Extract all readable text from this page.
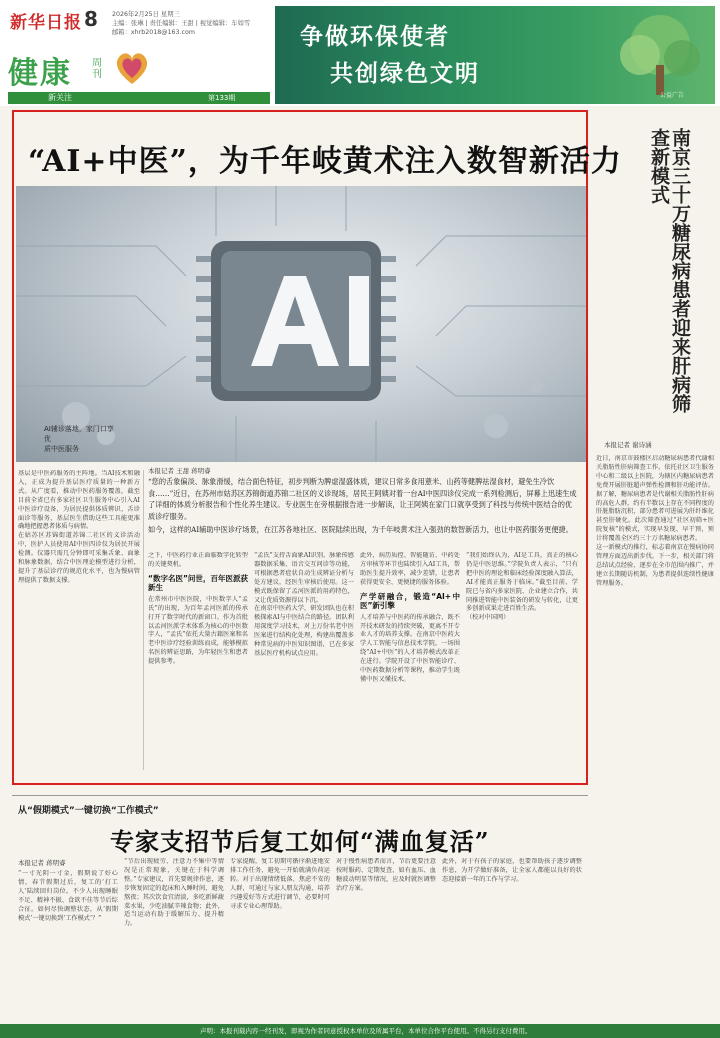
新华日报 8 2026年2月25日 星期三
主编：张琳 | 责任编辑：王甜 | 视觉编辑：车如雪
邮箱：xhrb2018@163.com
健康 周刊
新关注	第133期
争做环保使者
共创绿色文明
公益广告
“AI+中医”，为千年岐黄术注入数智新活力
AI辅诊落地，家门口享优
质中医服务
本报记者 王甜 蒋明睿
“您的舌象偏淡、脉象滑缓，结合面色特征，初步判断为脾虚湿盛体质，建议日常多食用薏米、山药等健脾祛湿食材，避免生冷饮食……”近日，在苏州市姑苏区苏锦街道苏锦二社区的义诊现场，居民王阿姨对着一台AI中医四诊仪完成一系列检测后，屏幕上迅速生成了详细的体质分析报告和个性化养生建议。专业医生在旁根据报告进一步解读，让王阿姨在家门口就享受到了科技与传统中医结合的优质诊疗服务。
如今，这样的AI辅助中医诊疗场景，在江苏各地社区、医院陆续出现，为千年岐黄术注入强劲的数智新活力，也让中医药服务更便捷。
基层是中医药服务的主阵地。当AI技术和融入，正成为提升基层医疗质量的一种新方式。从广度看，推动中医药服务覆盖，截至目前全省已有多家社区卫生服务中心引入AI中医诊疗设备，为居民提供体质辨识、舌诊面诊等服务，基层医生借助这些工具能更准确地把握患者体质与病情。
在姑苏区苏锦街道苏锦二社区的义诊活动中，医护人员使用AI中医四诊仪为居民开展检测。仪器只需几分钟即可采集舌象、面象和脉象数据，结合中医理论模型进行分析，提升了基层诊疗的规范化水平，也为慢病管理提供了数据支撑。
之下，中医药行业正面临数字化转型的关键契机。
“数字名医”问世，百年医派获新生
在常州市中医医院，中医数字人“孟氏”的出现，为百年孟河医派的传承打开了数字时代的新窗口。作为首批以孟河医派学术体系为核心的中医数字人，“孟氏”依托大量古籍医案和名老中医诊疗经验训练而成，能够模拟名医的辨证思路，为年轻医生和患者提供参考。
“孟氏”支持舌面象AI识别、脉象传感器数据采集、语音交互问诊等功能，可根据患者症状自动生成辨证分析与处方建议，经医生审核后使用。这一模式既保留了孟河医派的用药特色，又让优质资源得以下沉。
在南京中医药大学，研发团队也在积极探索AI与中医结合的路径。团队利用深度学习技术，对上万份名老中医医案进行结构化处理，构建出覆盖多种常见病的中医知识图谱，已在多家基层医疗机构试点应用。
此外，病历质控、智能随访、中药处方审核等环节也陆续引入AI工具，帮助医生提升效率，减少差错，让患者获得更安全、更便捷的服务体验。
产学研融合，锻造“AI+中医”新引擎
人才培养与中医药的传承融合，既不开技术研发的持续突破，更离不开专业人才的培养支撑。在南京中医药大学人工智能与信息技术学院，一场围绕“AI+中医”的人才培养模式改革正在进行。学院开设了中医智能诊疗、中医药数据分析等课程，推动学生既懂中医又懂技术。
“我们始终认为，AI是工具，真正的核心仍是中医思维。”学院负责人表示，“只有把中医的理论和临床经验深度融入算法，AI才能真正服务于临床。”截至目前，学院已与省内多家医院、企业建立合作，共同推进智能中医装备的研发与转化，让更多创新成果走进百姓生活。
（校对中国网）
南京三十万糖尿病患者迎来肝病筛查新模式
本报记者 谢诗涵
近日，南京市鼓楼区启动糖尿病患者代谢相关脂肪性肝病筛查工作，依托社区卫生服务中心和二级以上医院，为辖区内糖尿病患者免费开展肝脏超声弹性检测和肝功能评估。据了解，糖尿病患者是代谢相关脂肪性肝病的高危人群，约有半数以上存在不同程度的肝脏脂肪沉积，部分患者可进展为肝纤维化甚至肝硬化。此次筛查通过“社区初筛+医院复核”的模式，实现早发现、早干预，预计将覆盖全区约三十万名糖尿病患者。
这一新模式的推行，标志着南京在慢病协同管理方面迈出新步伐。下一步，相关部门将总结试点经验，逐步在全市范围内推广，并建立长期随访机制，为患者提供连续性健康管理服务。
从“假期模式”一键切换“工作模式”
专家支招节后复工如何“满血复活”
本报记者 蒋明睿
“一寸光阴一寸金，假期说了好心情，春节假期过后，复工的‘打工人’陆续回归岗位。不少人出现睡眠不足、精神不振、食欲不佳等节后综合征。如何尽快调整状态，从‘假期模式’一键切换到‘工作模式’？”
“节后出现疲劳、注意力不集中等情况是正常现象，关键在于科学调整。”专家建议，首先要规律作息，逐步恢复固定的起床和入睡时间，避免熬夜；其次饮食宜清淡，多吃新鲜蔬菜水果，少吃油腻辛辣食物；此外，适当运动有助于缓解压力、提升精力。
专家提醒，复工初期可循序渐进地安排工作任务，避免一开始就满负荷运转。对于出现情绪低落、焦虑不安的人群，可通过与家人朋友沟通、培养兴趣爱好等方式进行调节，必要时可寻求专业心理帮助。
对于慢性病患者而言，节后更要注意按时服药、定期复查，如有血压、血糖波动明显等情况，应及时就医调整治疗方案。
此外，对于有孩子的家庭，也要帮助孩子逐步调整作息，为开学做好准备，让全家人都能以良好的状态迎接新一年的工作与学习。
声明：本报刊载内容一经刊发，即视为作者同意授权本单位及所属平台，本单位合作平台使用。不得另行支付费用。
